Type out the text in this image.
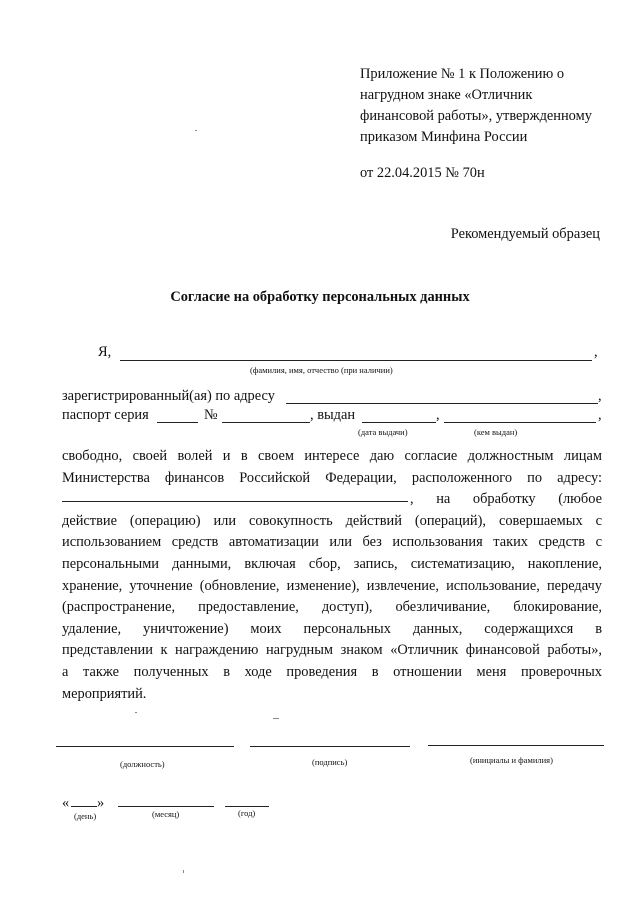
Приложение № 1 к Положению о
нагрудном знаке «Отличник
финансовой работы», утвержденному
приказом Минфина России
от 22.04.2015 № 70н
Рекомендуемый образец
Согласие на обработку персональных данных
Я,	,
(фамилия, имя, отчество (при наличии)
зарегистрированный(ая) по адресу	,
паспорт серия	№	, выдан	,	,
(дата выдачи)	(кем выдан)
свободно, своей волей и в своем интересе даю согласие должностным лицам
Министерства финансов Российской Федерации, расположенного по адресу:
, на обработку (любое
действие (операцию) или совокупность действий (операций), совершаемых с
использованием средств автоматизации или без использования таких средств с
персональными данными, включая сбор, запись, систематизацию, накопление,
хранение, уточнение (обновление, изменение), извлечение, использование, передачу
(распространение, предоставление, доступ), обезличивание, блокирование,
удаление, уничтожение) моих персональных данных, содержащихся в
представлении к награждению нагрудным знаком «Отличник финансовой работы»,
а также полученных в ходе проведения в отношении меня проверочных
мероприятий.
(должность)	(подпись)	(инициалы и фамилия)
« »
(день)	(месяц)	(год)
